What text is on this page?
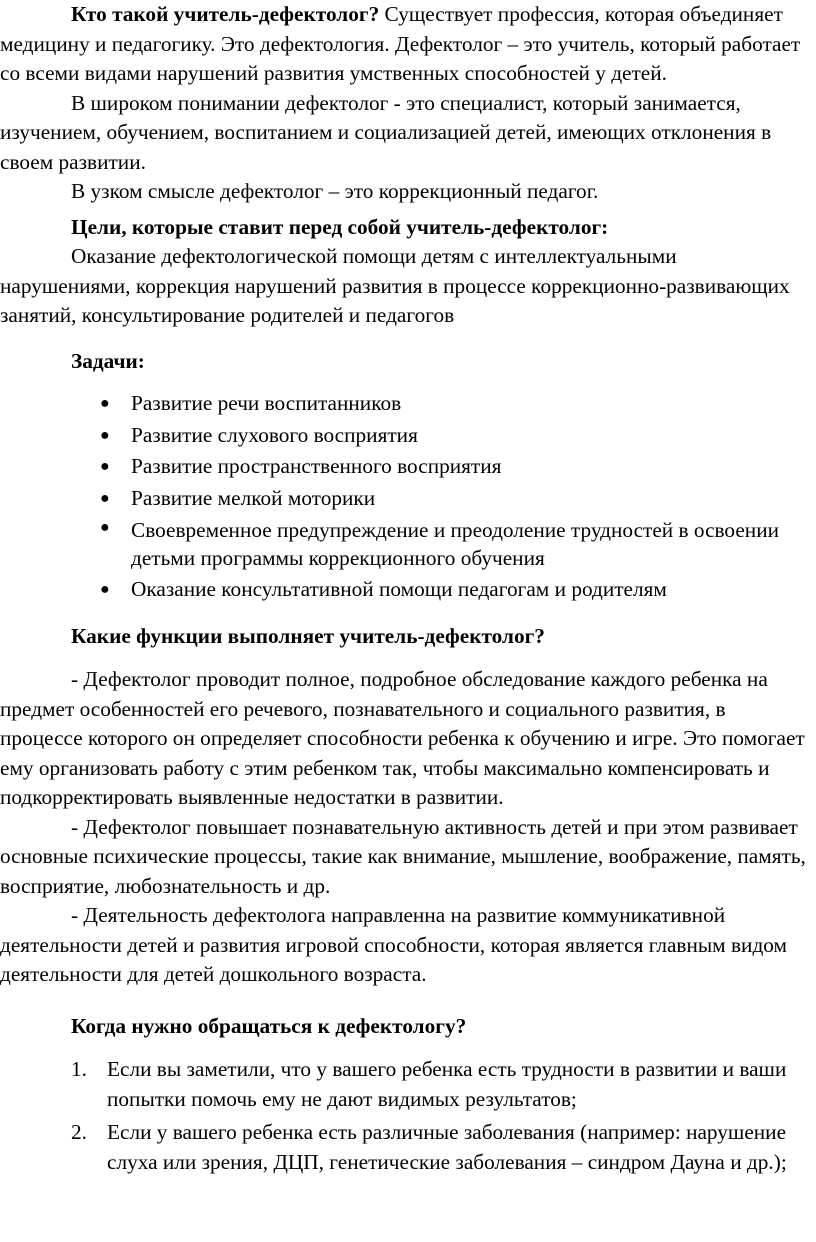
Кто такой учитель-дефектолог? Существует профессия, которая объединяет медицину и педагогику. Это дефектология. Дефектолог – это учитель, который работает со всеми видами нарушений развития умственных способностей у детей.

В широком понимании дефектолог - это специалист, который занимается, изучением, обучением, воспитанием и социализацией детей, имеющих отклонения в своем развитии.

В узком смысле дефектолог – это коррекционный педагог.

Цели, которые ставит перед собой учитель-дефектолог:

Оказание дефектологической помощи детям с интеллектуальными нарушениями, коррекция нарушений развития в процессе коррекционно-развивающих занятий, консультирование родителей и педагогов

Задачи:

● Развитие речи воспитанников
● Развитие слухового восприятия
● Развитие пространственного восприятия
● Развитие мелкой моторики
● Своевременное предупреждение и преодоление трудностей в освоении детьми программы коррекционного обучения
● Оказание консультативной помощи педагогам и родителям

Какие функции выполняет учитель-дефектолог?

- Дефектолог проводит полное, подробное обследование каждого ребенка на предмет особенностей его речевого, познавательного и социального развития, в процессе которого он определяет способности ребенка к обучению и игре. Это помогает ему организовать работу с этим ребенком так, чтобы максимально компенсировать и подкорректировать выявленные недостатки в развитии.

- Дефектолог повышает познавательную активность детей и при этом развивает основные психические процессы, такие как внимание, мышление, воображение, память, восприятие, любознательность и др.

- Деятельность дефектолога направленна на развитие коммуникативной деятельности детей и развития игровой способности, которая является главным видом деятельности для детей дошкольного возраста.

Когда нужно обращаться к дефектологу?

1. Если вы заметили, что у вашего ребенка есть трудности в развитии и ваши попытки помочь ему не дают видимых результатов;
2. Если у вашего ребенка есть различные заболевания (например: нарушение слуха или зрения, ДЦП, генетические заболевания – синдром Дауна и др.);
